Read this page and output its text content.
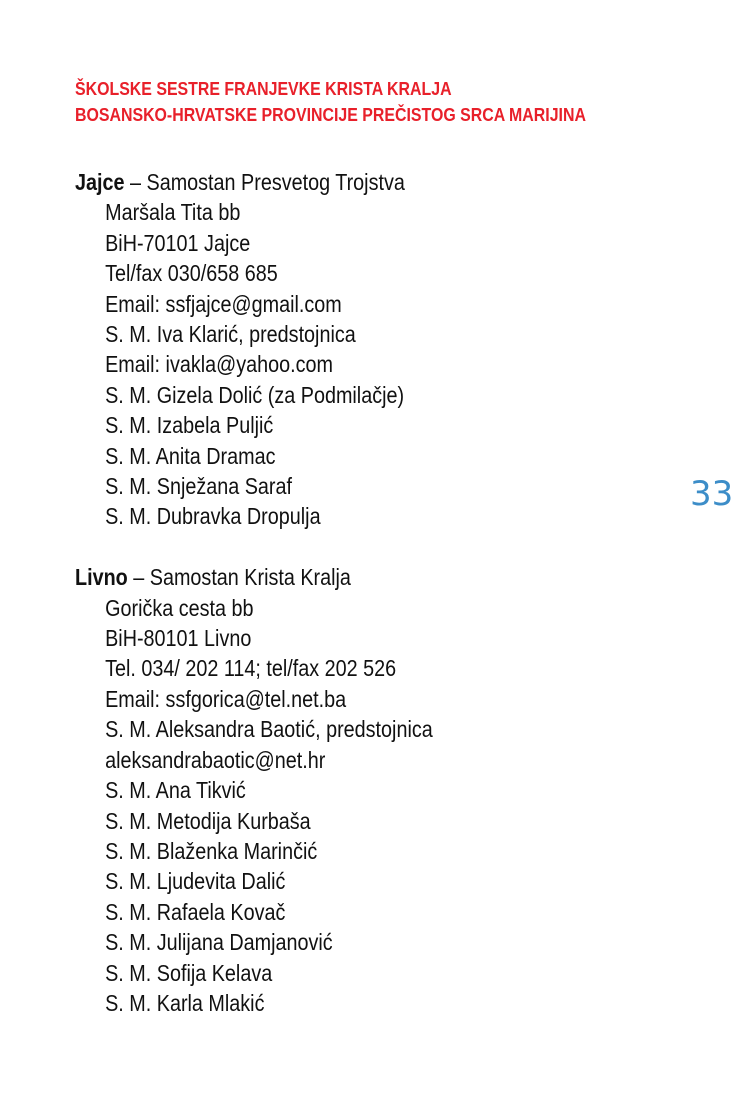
ŠKOLSKE SESTRE FRANJEVKE KRISTA KRALJA
BOSANSKO-HRVATSKE PROVINCIJE PREČISTOG SRCA MARIJINA
33
Jajce – Samostan Presvetog Trojstva
Maršala Tita bb
BiH-70101 Jajce
Tel/fax 030/658 685
Email: ssfjajce@gmail.com
S. M. Iva Klarić, predstojnica
Email: ivakla@yahoo.com
S. M. Gizela Dolić (za Podmilačje)
S. M. Izabela Puljić
S. M. Anita Dramac
S. M. Snježana Saraf
S. M. Dubravka Dropulja
Livno – Samostan Krista Kralja
Gorička cesta bb
BiH-80101 Livno
Tel. 034/ 202 114; tel/fax 202 526
Email: ssfgorica@tel.net.ba
S. M. Aleksandra Baotić, predstojnica
aleksandrabaotic@net.hr
S. M. Ana Tikvić
S. M. Metodija Kurbaša
S. M. Blaženka Marinčić
S. M. Ljudevita Dalić
S. M. Rafaela Kovač
S. M. Julijana Damjanović
S. M. Sofija Kelava
S. M. Karla Mlakić
